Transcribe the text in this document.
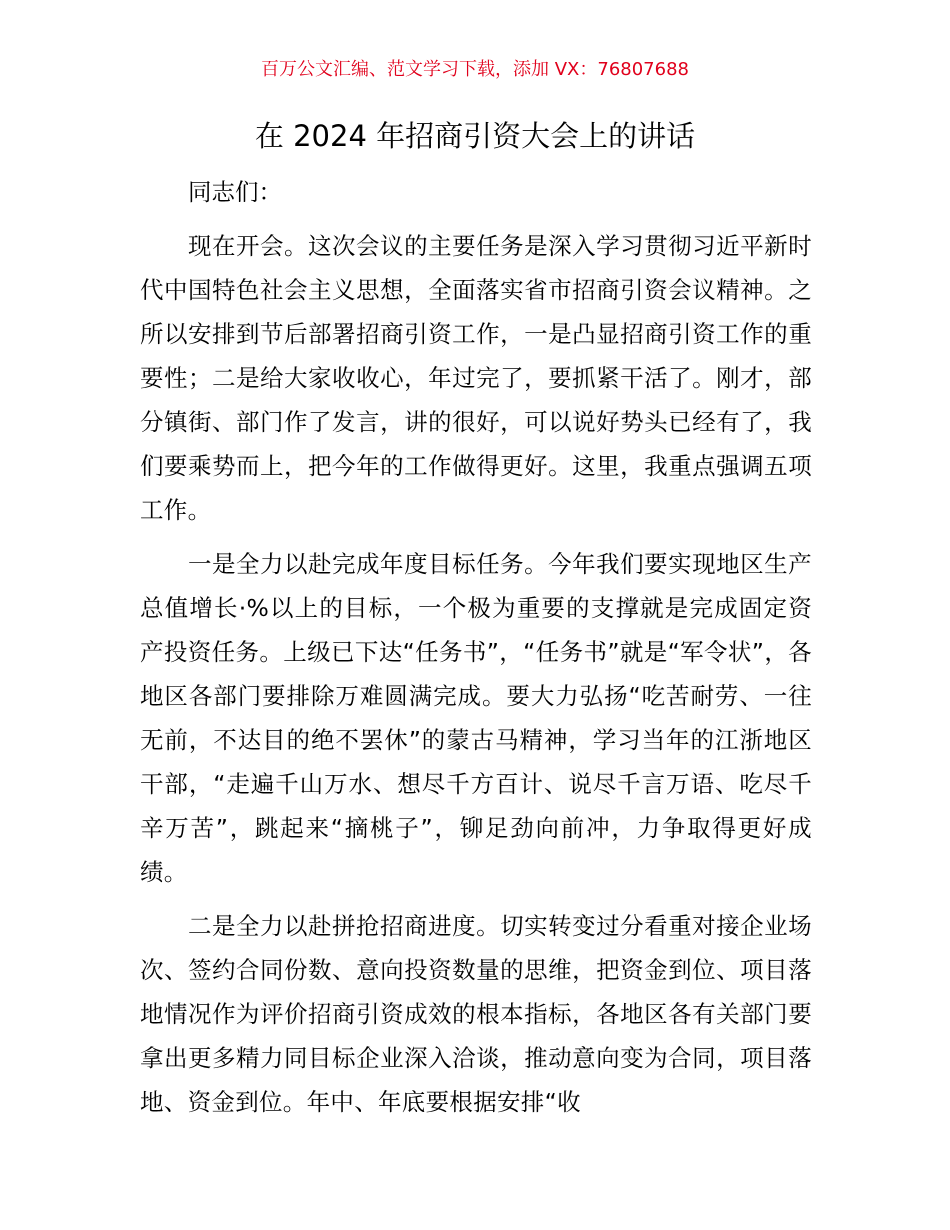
百万公文汇编、范文学习下载，添加 VX：76807688
在 2024 年招商引资大会上的讲话

同志们：

现在开会。这次会议的主要任务是深入学习贯彻习近平新时代中国特色社会主义思想，全面落实省市招商引资会议精神。之所以安排到节后部署招商引资工作，一是凸显招商引资工作的重要性；二是给大家收收心，年过完了，要抓紧干活了。刚才，部分镇街、部门作了发言，讲的很好，可以说好势头已经有了，我们要乘势而上，把今年的工作做得更好。这里，我重点强调五项工作。

一是全力以赴完成年度目标任务。今年我们要实现地区生产总值增长·%以上的目标，一个极为重要的支撑就是完成固定资产投资任务。上级已下达“任务书”，“任务书”就是“军令状”，各地区各部门要排除万难圆满完成。要大力弘扬“吃苦耐劳、一往无前，不达目的绝不罢休”的蒙古马精神，学习当年的江浙地区干部，“走遍千山万水、想尽千方百计、说尽千言万语、吃尽千辛万苦”，跳起来“摘桃子”，铆足劲向前冲，力争取得更好成绩。

二是全力以赴拼抢招商进度。切实转变过分看重对接企业场次、签约合同份数、意向投资数量的思维，把资金到位、项目落地情况作为评价招商引资成效的根本指标，各地区各有关部门要拿出更多精力同目标企业深入洽谈，推动意向变为合同，项目落地、资金到位。年中、年底要根据安排“收
